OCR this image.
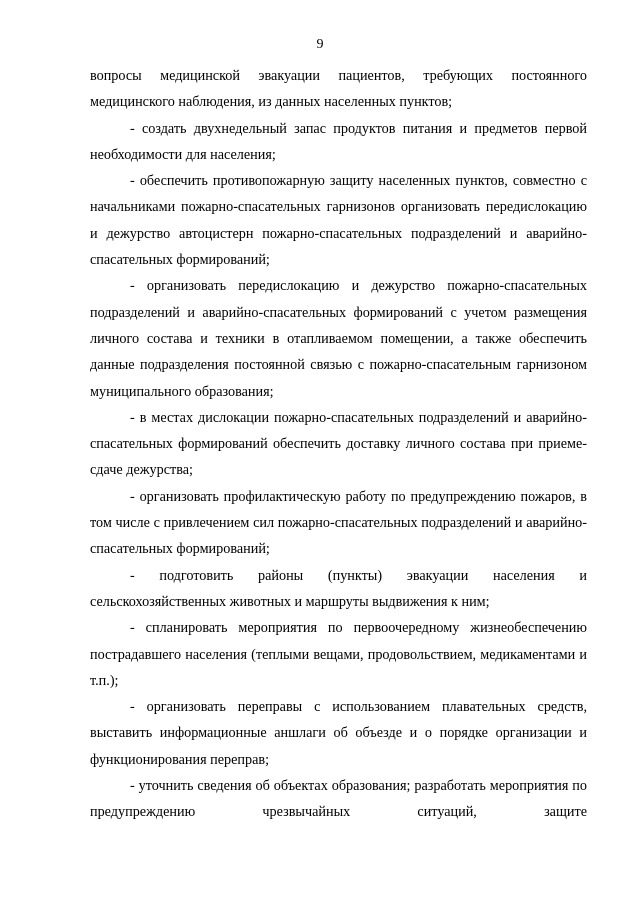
9

вопросы медицинской эвакуации пациентов, требующих постоянного медицинского наблюдения, из данных населенных пунктов;

- создать двухнедельный запас продуктов питания и предметов первой необходимости для населения;

- обеспечить противопожарную защиту населенных пунктов, совместно с начальниками пожарно-спасательных гарнизонов организовать передислокацию и дежурство автоцистерн пожарно-спасательных подразделений и аварийно-спасательных формирований;

- организовать передислокацию и дежурство пожарно-спасательных подразделений и аварийно-спасательных формирований с учетом размещения личного состава и техники в отапливаемом помещении, а также обеспечить данные подразделения постоянной связью с пожарно-спасательным гарнизоном муниципального образования;

- в местах дислокации пожарно-спасательных подразделений и аварийно-спасательных формирований обеспечить доставку личного состава при приеме-сдаче дежурства;

- организовать профилактическую работу по предупреждению пожаров, в том числе с привлечением сил пожарно-спасательных подразделений и аварийно-спасательных формирований;

- подготовить районы (пункты) эвакуации населения и сельскохозяйственных животных и маршруты выдвижения к ним;

- спланировать мероприятия по первоочередному жизнеобеспечению пострадавшего населения (теплыми вещами, продовольствием, медикаментами и т.п.);

- организовать переправы с использованием плавательных средств, выставить информационные аншлаги об объезде и о порядке организации и функционирования переправ;

- уточнить сведения об объектах образования; разработать мероприятия по предупреждению чрезвычайных ситуаций, защите
